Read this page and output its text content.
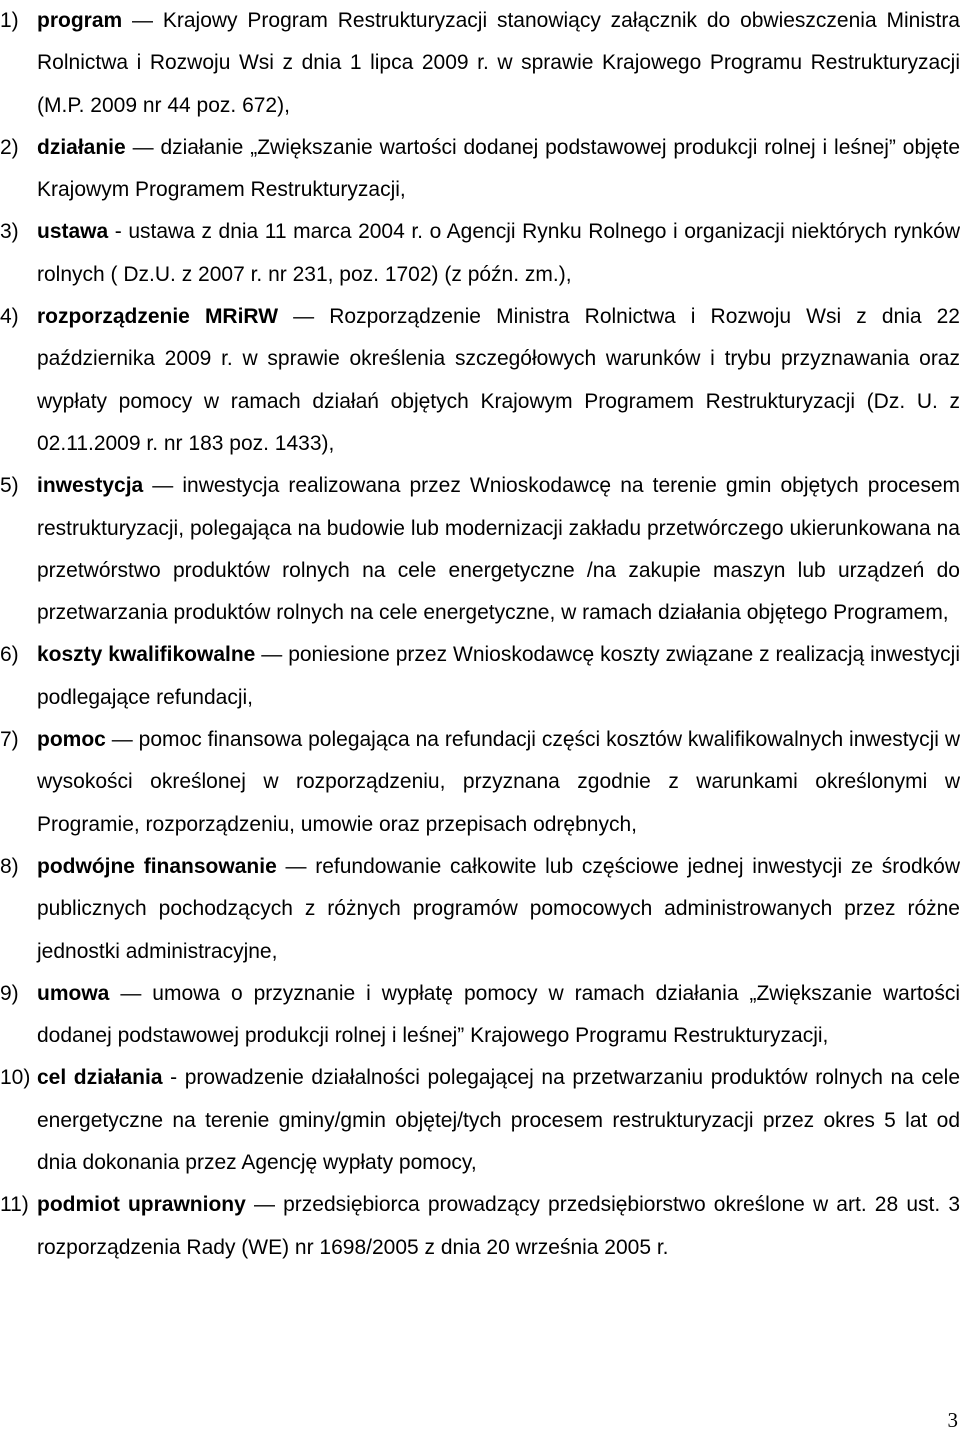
1) program — Krajowy Program Restrukturyzacji stanowiący załącznik do obwieszczenia Ministra Rolnictwa i Rozwoju Wsi z dnia 1 lipca 2009 r. w sprawie Krajowego Programu Restrukturyzacji (M.P. 2009 nr 44 poz. 672),
2) działanie — działanie „Zwiększanie wartości dodanej podstawowej produkcji rolnej i leśnej” objęte Krajowym Programem Restrukturyzacji,
3) ustawa - ustawa z dnia 11 marca 2004 r. o Agencji Rynku Rolnego i organizacji niektórych rynków rolnych ( Dz.U. z 2007 r. nr 231, poz. 1702) (z późn. zm.),
4) rozporządzenie MRiRW — Rozporządzenie Ministra Rolnictwa i Rozwoju Wsi z dnia 22 października 2009 r. w sprawie określenia szczegółowych warunków i trybu przyznawania oraz wypłaty pomocy w ramach działań objętych Krajowym Programem Restrukturyzacji (Dz. U. z 02.11.2009 r. nr 183 poz. 1433),
5) inwestycja — inwestycja realizowana przez Wnioskodawcę na terenie gmin objętych procesem restrukturyzacji, polegająca na budowie lub modernizacji zakładu przetwórczego ukierunkowana na przetwórstwo produktów rolnych na cele energetyczne /na zakupie maszyn lub urządzeń do przetwarzania produktów rolnych na cele energetyczne, w ramach działania objętego Programem,
6) koszty kwalifikowalne — poniesione przez Wnioskodawcę koszty związane z realizacją inwestycji podlegające refundacji,
7) pomoc — pomoc finansowa polegająca na refundacji części kosztów kwalifikowalnych inwestycji w wysokości określonej w rozporządzeniu, przyznana zgodnie z warunkami określonymi w Programie, rozporządzeniu, umowie oraz przepisach odrębnych,
8) podwójne finansowanie — refundowanie całkowite lub częściowe jednej inwestycji ze środków publicznych pochodzących z różnych programów pomocowych administrowanych przez różne jednostki administracyjne,
9) umowa — umowa o przyznanie i wypłatę pomocy w ramach działania „Zwiększanie wartości dodanej podstawowej produkcji rolnej i leśnej” Krajowego Programu Restrukturyzacji,
10) cel działania - prowadzenie działalności polegającej na przetwarzaniu produktów rolnych na cele energetyczne na terenie gminy/gmin objętej/tych procesem restrukturyzacji przez okres 5 lat od dnia dokonania przez Agencję wypłaty pomocy,
11) podmiot uprawniony — przedsiębiorca prowadzący przedsiębiorstwo określone w art. 28 ust. 3 rozporządzenia Rady (WE) nr 1698/2005 z dnia 20 września 2005 r.
3
